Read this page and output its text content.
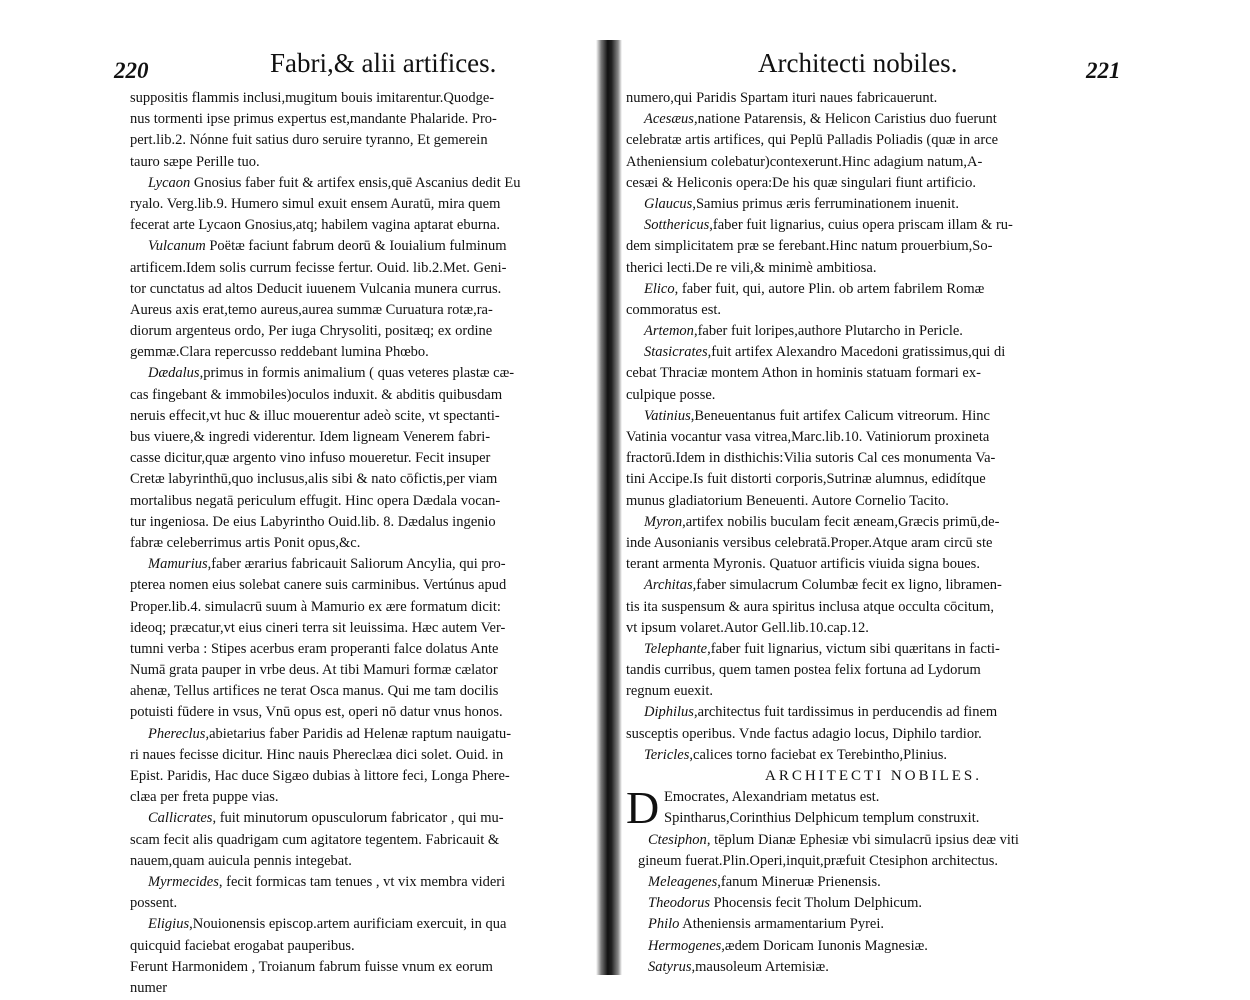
220	Fabri,& alii artifices.
suppositis flammis inclusi,mugitum bouis imitarentur.Quodge-
nus tormenti ipse primus expertus est,mandante Phalaride. Pro-
pert.lib.2. Nónne fuit satius duro seruire tyranno, Et gemerein
tauro sæpe Perille tuo.
Lycaon Gnosius faber fuit & artifex ensis,quē Ascanius dedit Eu
ryalo. Verg.lib.9. Humero simul exuit ensem Auratū, mira quem
fecerat arte Lycaon Gnosius,atq; habilem vagina aptarat eburna.
Vulcanum Poëtæ faciunt fabrum deorū & Iouialium fulminum
artificem.Idem solis currum fecisse fertur. Ouid. lib.2.Met. Geni-
tor cunctatus ad altos Deducit iuuenem Vulcania munera currus.
Aureus axis erat,temo aureus,aurea summæ Curuatura rotæ,ra-
diorum argenteus ordo, Per iuga Chrysoliti, positæq; ex ordine
gemmæ.Clara repercusso reddebant lumina Phœbo.
Dædalus,primus in formis animalium ( quas veteres plastæ cæ-
cas fingebant & immobiles)oculos induxit. & abditis quibusdam
neruis effecit,vt huc & illuc mouerentur adeò scite, vt spectanti-
bus viuere,& ingredi viderentur. Idem ligneam Venerem fabri-
casse dicitur,quæ argento vino infuso moueretur. Fecit insuper
Cretæ labyrinthū,quo inclusus,alis sibi & nato cōfictis,per viam
mortalibus negatā periculum effugit. Hinc opera Dædala vocan-
tur ingeniosa. De eius Labyrintho Ouid.lib. 8. Dædalus ingenio
fabræ celeberrimus artis Ponit opus,&c.
Mamurius,faber ærarius fabricauit Saliorum Ancylia, qui pro-
pterea nomen eius solebat canere suis carminibus. Vertúnus apud
Proper.lib.4. simulacrū suum à Mamurio ex ære formatum dicit:
ideoq; præcatur,vt eius cineri terra sit leuissima. Hæc autem Ver-
tumni verba : Stipes acerbus eram properanti falce dolatus Ante
Numā grata pauper in vrbe deus. At tibi Mamuri formæ cælator
ahenæ, Tellus artifices ne terat Osca manus. Qui me tam docilis
potuisti fūdere in vsus, Vnū opus est, operi nō datur vnus honos.
Phereclus,abietarius faber Paridis ad Helenæ raptum nauigatu-
ri naues fecisse dicitur. Hinc nauis Phereclæa dici solet. Ouid. in
Epist. Paridis, Hac duce Sigæo dubias à littore feci, Longa Phere-
clæa per freta puppe vias.
Callicrates, fuit minutorum opusculorum fabricator , qui mu-
scam fecit alis quadrigam cum agitatore tegentem. Fabricauit &
nauem,quam auicula pennis integebat.
Myrmecides, fecit formicas tam tenues , vt vix membra videri
possent.
Eligius,Nouionensis episcop.artem aurificiam exercuit, in qua
quicquid faciebat erogabat pauperibus.
Ferunt Harmonidem , Troianum fabrum fuisse vnum ex eorum
numer
Architecti nobiles.	221
numero,qui Paridis Spartam ituri naues fabricauerunt.
Acesæus,natione Patarensis, & Helicon Caristius duo fuerunt
celebratæ artis artifices, qui Peplū Palladis Poliadis (quæ in arce
Atheniensium colebatur)contexerunt.Hinc adagium natum,A-
cesæi & Heliconis opera:De his quæ singulari fiunt artificio.
Glaucus,Samius primus æris ferruminationem inuenit.
Sotthericus,faber fuit lignarius, cuius opera priscam illam & ru-
dem simplicitatem præ se ferebant.Hinc natum prouerbium,So-
therici lecti.De re vili,& minimè ambitiosa.
Elico, faber fuit, qui, autore Plin. ob artem fabrilem Romæ
commoratus est.
Artemon,faber fuit loripes,authore Plutarcho in Pericle.
Stasicrates,fuit artifex Alexandro Macedoni gratissimus,qui di
cebat Thraciæ montem Athon in hominis statuam formari ex-
culpique posse.
Vatinius,Beneuentanus fuit artifex Calicum vitreorum. Hinc
Vatinia vocantur vasa vitrea,Marc.lib.10. Vatiniorum proxineta
fractorū.Idem in disthichis:Vilia sutoris Cal ces monumenta Va-
tini Accipe.Is fuit distorti corporis,Sutrinæ alumnus, edidítque
munus gladiatorium Beneuenti. Autore Cornelio Tacito.
Myron,artifex nobilis buculam fecit æneam,Græcis primū,de-
inde Ausonianis versibus celebratā.Proper.Atque aram circū ste
terant armenta Myronis. Quatuor artificis viuida signa boues.
Architas,faber simulacrum Columbæ fecit ex ligno, libramen-
tis ita suspensum & aura spiritus inclusa atque occulta cōcitum,
vt ipsum volaret.Autor Gell.lib.10.cap.12.
Telephante,faber fuit lignarius, victum sibi quæritans in facti-
tandis curribus, quem tamen postea felix fortuna ad Lydorum
regnum euexit.
Diphilus,architectus fuit tardissimus in perducendis ad finem
susceptis operibus. Vnde factus adagio locus, Diphilo tardior.
Tericles,calices torno faciebat ex Terebintho,Plinius.
ARCHITECTI NOBILES.
D Emocrates, Alexandriam metatus est.
Spintharus,Corinthius Delphicum templum construxit.
Ctesiphon, tēplum Dianæ Ephesiæ vbi simulacrū ipsius deæ viti
gineum fuerat.Plin.Operi,inquit,præfuit Ctesiphon architectus.
Meleagenes,fanum Mineruæ Prienensis.
Theodorus Phocensis fecit Tholum Delphicum.
Philo Atheniensis armamentarium Pyrei.
Hermogenes,ædem Doricam Iunonis Magnesiæ.
Satyrus,mausoleum Artemisiæ.
